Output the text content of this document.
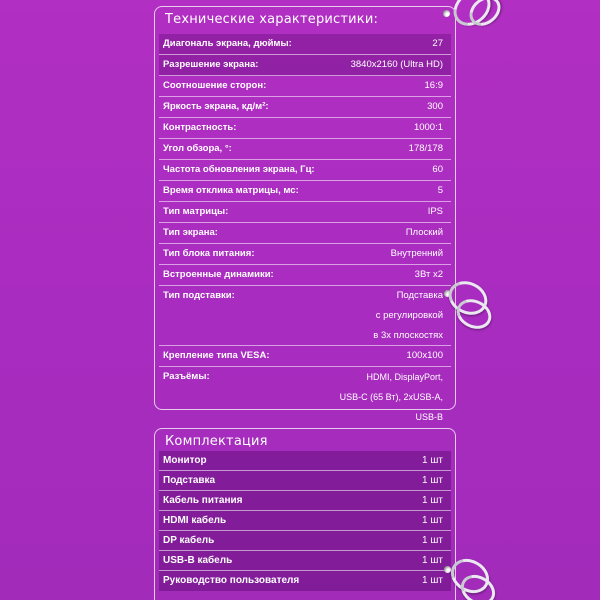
Технические характеристики:
Диагональ экрана, дюймы:	27
Разрешение экрана:	3840x2160 (Ultra HD)
Соотношение сторон:	16:9
Яркость экрана, кд/м²:	300
Контрастность:	1000:1
Угол обзора, °:	178/178
Частота обновления экрана, Гц:	60
Время отклика матрицы, мс:	5
Тип матрицы:	IPS
Тип экрана:	Плоский
Тип блока питания:	Внутренний
Встроенные динамики:	3Вт x2
Тип подставки:	Подставка
с регулировкой
в 3х плоскостях
Крепление типа VESA:	100x100
Разъёмы:	HDMI, DisplayPort,
USB-C (65 Вт), 2xUSB-A,
USB-B
Комплектация
Монитор	1 шт
Подставка	1 шт
Кабель питания	1 шт
HDMI кабель	1 шт
DP кабель	1 шт
USB-B кабель	1 шт
Руководство пользователя	1 шт
